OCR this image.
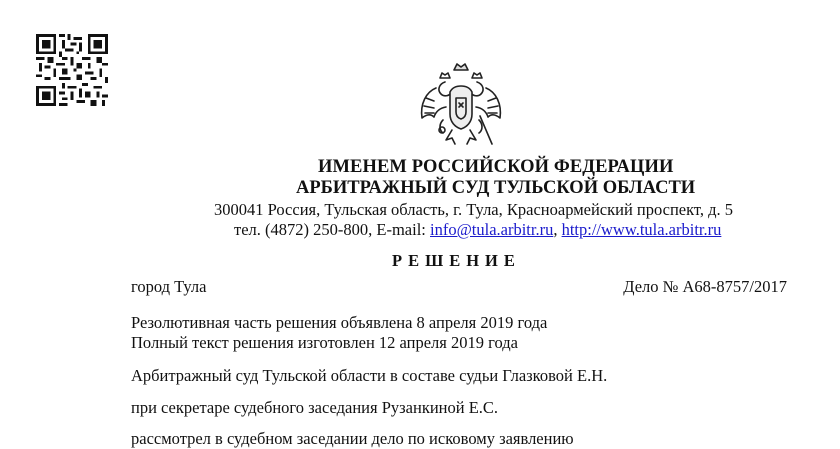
ИМЕНЕМ РОССИЙСКОЙ ФЕДЕРАЦИИ
АРБИТРАЖНЫЙ СУД ТУЛЬСКОЙ ОБЛАСТИ
300041 Россия, Тульская область, г. Тула, Красноармейский проспект, д. 5
тел. (4872) 250-800, E-mail: info@tula.arbitr.ru, http://www.tula.arbitr.ru
РЕШЕНИЕ
город Тула	Дело № А68-8757/2017
Резолютивная часть решения объявлена 8 апреля 2019 года
Полный текст решения изготовлен 12 апреля 2019 года
Арбитражный суд Тульской области в составе судьи Глазковой Е.Н.
при секретаре судебного заседания Рузанкиной Е.С.
рассмотрел в судебном заседании дело по исковому заявлению
